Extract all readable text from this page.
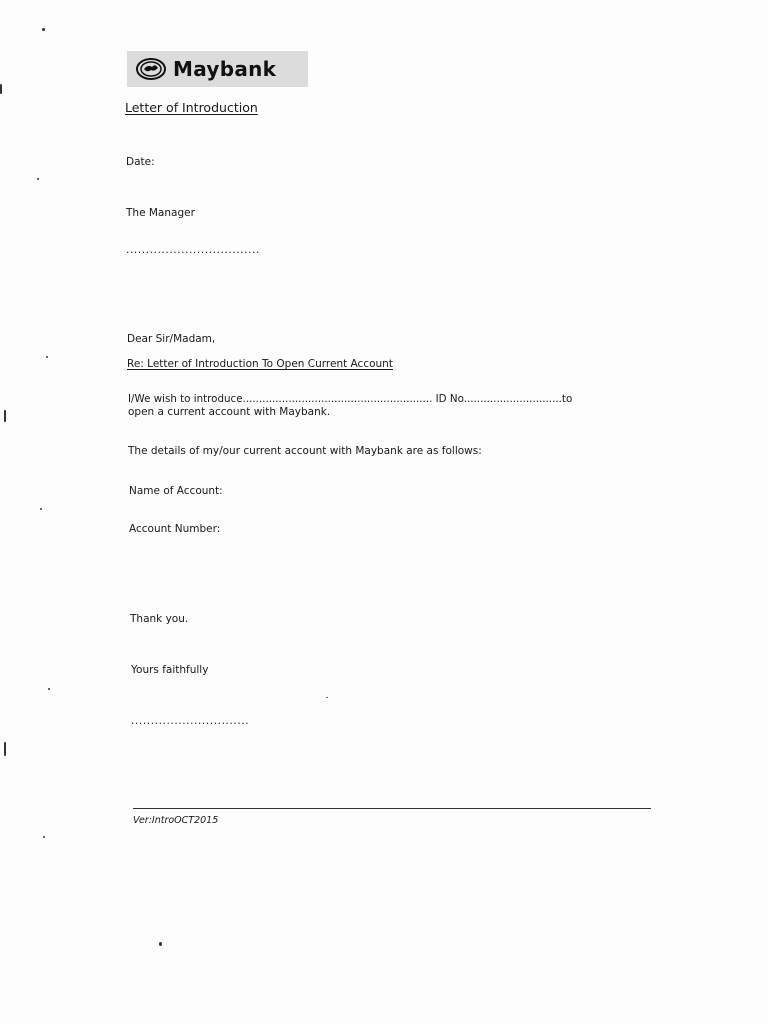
Maybank
Letter of Introduction
Date:
The Manager
..................................
Dear Sir/Madam,
Re: Letter of Introduction To Open Current Account
I/We wish to introduce.......................................................... ID No..............................to
open a current account with Maybank.
The details of my/our current account with Maybank are as follows:
Name of Account:
Account Number:
Thank you.
Yours faithfully
..............................
Ver:IntroOCT2015
